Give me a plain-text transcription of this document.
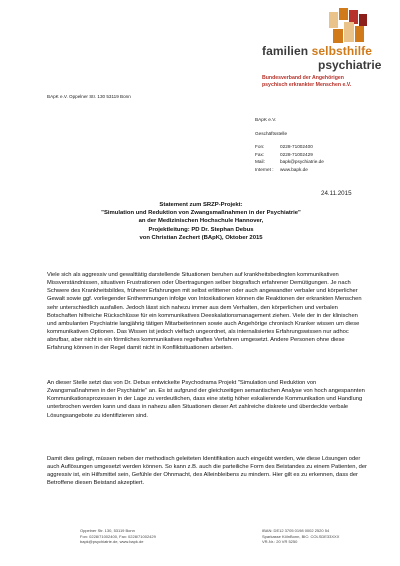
familien selbsthilfe
psychiatrie
Bundesverband der Angehörigen
psychisch erkrankter Menschen e.V.
BApK e.V. Oppelner Str. 130 53119 Bonn
BApK e.V.
Geschäftsstelle
Fon:	0228-71002400
Fax:	0228-71002429
Mail:	bapk@psychiatrie.de
Internet :	www.bapk.de
24.11.2015
Statement zum SRZP-Projekt:
"Simulation und Reduktion von Zwangsmaßnahmen in der Psychiatrie"
an der Medizinischen Hochschule Hannover,
Projektleitung: PD Dr. Stephan Debus
von Christian Zechert (BApK), Oktober 2015

Viele sich als aggressiv und gewalttätig darstellende Situationen beruhen auf krankheitsbedingten kommunikativen Missverständnissen, situativen Frustrationen oder Übertragungen selber biografisch erfahrener Demütigungen. Je nach Schwere des Krankheitsbildes, früherer Erfahrungen mit selbst erlittener oder auch angewandter verbaler und körperlicher Gewalt sowie ggf. vorliegender Enthemmungen infolge von Intoxikationen können die Reaktionen der erkrankten Menschen sehr unterschiedlich ausfallen. Jedoch lässt sich nahezu immer aus dem Verhalten, den körperlichen und verbalen Botschaften hilfreiche Rückschlüsse für ein kommunikatives Deeskalationsmanagement ziehen. Viele der in der klinischen und ambulanten Psychiatrie langjährig tätigen Mitarbeiterinnen sowie auch Angehörige chronisch Kranker wissen um diese kommunikativen Optionen. Das Wissen ist jedoch vielfach ungeordnet, als internalisiertes Erfahrungswissen nur adhoc abrufbar, aber nicht in ein förmliches kommunikatives regelhaftes Verfahren umgesetzt. Andere Personen ohne diese Erfahrung können in der Regel damit nicht in Konfliktsituationen arbeiten.

An dieser Stelle setzt das von Dr. Debus entwickelte Psychodrama Projekt "Simulation und Reduktion von Zwangsmaßnahmen in der Psychiatrie" an. Es ist aufgrund der gleichzeitigen semantischen Analyse von hoch angespannten Kommunikationsprozessen in der Lage zu verdeutlichen, dass eine stetig höher eskalierende Kommunikation und Handlung unterbrochen werden kann und dass in nahezu allen Situationen dieser Art zahlreiche diskrete und überdeckte verbale Lösungsangebote zu identifizieren sind.

Damit dies gelingt, müssen neben der methodisch geleiteten Identifikation auch eingeübt werden, wie diese Lösungen oder auch Auflösungen umgesetzt werden können. So kann z.B. auch die parteiliche Form des Beistandes zu einem Patienten, der aggressiv ist, ein Hilfsmittel sein, Gefühle der Ohnmacht, des Alleinbleibens zu mindern. Hier gilt es zu erkennen, dass der Betroffene diesen Beistand akzeptiert.

Oppelner Str. 130, 53119 Bonn
Fon: 0228/71002400, Fax: 0228/71002429
bapk@psychiatrie.de, www.bapk.de
IBAN: DE12 3705 0198 0002 2520 54
Sparkasse KölnBonn, BIC: COLSDE33XXX
VR-Nr.: 20 VR 5250
